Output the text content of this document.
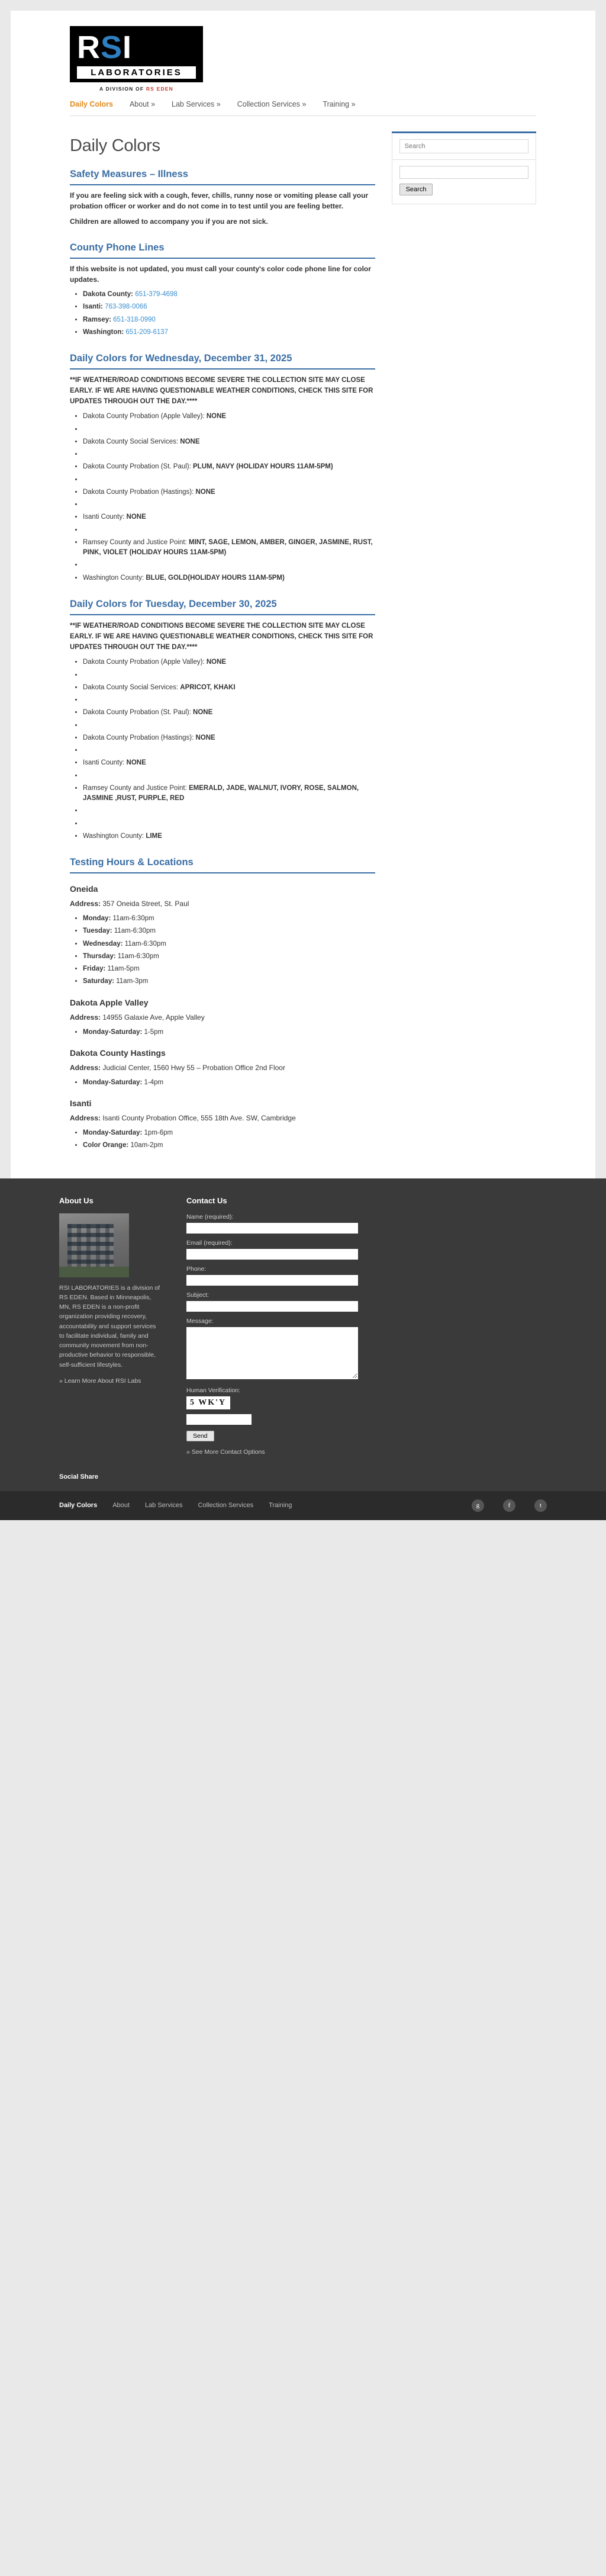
R S I
LABORATORIES
A DIVISION OF RS EDEN
Daily Colors About » Lab Services » Collection Services » Training »
Daily Colors
Safety Measures – Illness

If you are feeling sick with a cough, fever, chills, runny nose or vomiting please call your probation officer or worker and do not come in to test until you are feeling better.

Children are allowed to accompany you if you are not sick.

County Phone Lines

If this website is not updated, you must call your county's color code phone line for color updates.

• Dakota County: 651-379-4698
• Isanti: 763-398-0066
• Ramsey: 651-318-0990
• Washington: 651-209-6137
Daily Colors for Wednesday, December 31, 2025

**IF WEATHER/ROAD CONDITIONS BECOME SEVERE THE COLLECTION SITE MAY CLOSE EARLY. IF WE ARE HAVING QUESTIONABLE WEATHER CONDITIONS, CHECK THIS SITE FOR UPDATES THROUGH OUT THE DAY.****

• Dakota County Probation (Apple Valley): NONE
•
• Dakota County Social Services: NONE
•
• Dakota County Probation (St. Paul): PLUM, NAVY (HOLIDAY HOURS 11AM-5PM)
•
• Dakota County Probation (Hastings): NONE
•
• Isanti County: NONE
•
• Ramsey County and Justice Point: MINT, SAGE, LEMON, AMBER, GINGER, JASMINE, RUST, PINK, VIOLET (HOLIDAY HOURS 11AM-5PM)
•
• Washington County: BLUE, GOLD(HOLIDAY HOURS 11AM-5PM)
Daily Colors for Tuesday, December 30, 2025

**IF WEATHER/ROAD CONDITIONS BECOME SEVERE THE COLLECTION SITE MAY CLOSE EARLY. IF WE ARE HAVING QUESTIONABLE WEATHER CONDITIONS, CHECK THIS SITE FOR UPDATES THROUGH OUT THE DAY.****

• Dakota County Probation (Apple Valley): NONE
•
• Dakota County Social Services: APRICOT, KHAKI
•
• Dakota County Probation (St. Paul): NONE
•
• Dakota County Probation (Hastings): NONE
•
• Isanti County: NONE
•
• Ramsey County and Justice Point: EMERALD, JADE, WALNUT, IVORY, ROSE, SALMON, JASMINE ,RUST, PURPLE, RED
•
•
• Washington County: LIME
Testing Hours & Locations
Oneida

Address: 357 Oneida Street, St. Paul

• Monday: 11am-6:30pm
• Tuesday: 11am-6:30pm
• Wednesday: 11am-6:30pm
• Thursday: 11am-6:30pm
• Friday: 11am-5pm
• Saturday: 11am-3pm
Dakota Apple Valley

Address: 14955 Galaxie Ave, Apple Valley

• Monday-Saturday: 1-5pm
Dakota County Hastings

Address: Judicial Center, 1560 Hwy 55 – Probation Office 2nd Floor

• Monday-Saturday: 1-4pm
Isanti

Address: Isanti County Probation Office, 555 18th Ave. SW, Cambridge

• Monday-Saturday: 1pm-6pm
• Color Orange: 10am-2pm
Search
Search
About Us

RSI LABORATORIES is a division of RS EDEN. Based in Minneapolis, MN, RS EDEN is a non-profit organization providing recovery, accountability and support services to facilitate individual, family and community movement from non-productive behavior to responsible, self-sufficient lifestyles.

» Learn More About RSI Labs
Contact Us
Name (required):
Email (required):
Phone:
Subject:
Message:
Human Verification:
5 WK'Y
Send
» See More Contact Options
Social Share
Daily Colors About Lab Services Collection Services Training	g	f	t
